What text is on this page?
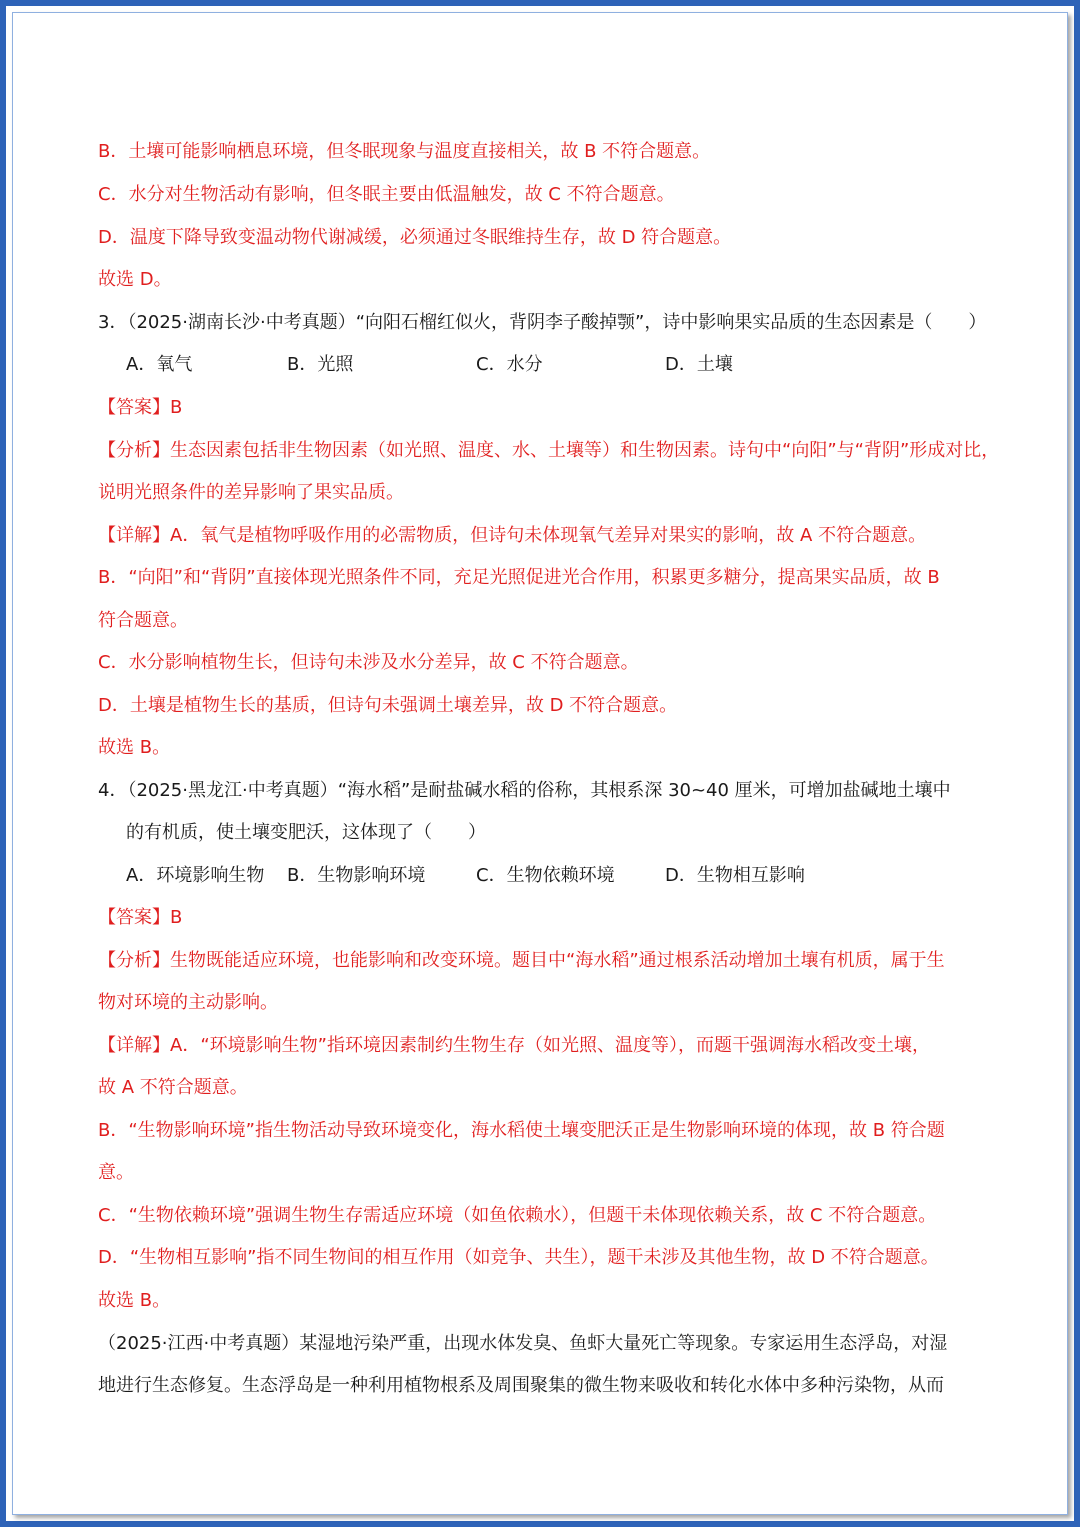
B．土壤可能影响栖息环境，但冬眠现象与温度直接相关，故 B 不符合题意。

C．水分对生物活动有影响，但冬眠主要由低温触发，故 C 不符合题意。

D．温度下降导致变温动物代谢减缓，必须通过冬眠维持生存，故 D 符合题意。

故选 D。

3．（2025·湖南长沙·中考真题）“向阳石榴红似火，背阴李子酸掉颚”，诗中影响果实品质的生态因素是（　　）

A．氧气	B．光照	C．水分	D．土壤

【答案】B

【分析】生态因素包括非生物因素（如光照、温度、水、土壤等）和生物因素。诗句中“向阳”与“背阴”形成对比，

说明光照条件的差异影响了果实品质。

【详解】A．氧气是植物呼吸作用的必需物质，但诗句未体现氧气差异对果实的影响，故 A 不符合题意。

B．“向阳”和“背阴”直接体现光照条件不同，充足光照促进光合作用，积累更多糖分，提高果实品质，故 B

符合题意。

C．水分影响植物生长，但诗句未涉及水分差异，故 C 不符合题意。

D．土壤是植物生长的基质，但诗句未强调土壤差异，故 D 不符合题意。

故选 B。

4．（2025·黑龙江·中考真题）“海水稻”是耐盐碱水稻的俗称，其根系深 30~40 厘米，可增加盐碱地土壤中

的有机质，使土壤变肥沃，这体现了（　　）

A．环境影响生物 B．生物影响环境	C．生物依赖环境	D．生物相互影响

【答案】B

【分析】生物既能适应环境，也能影响和改变环境。题目中“海水稻”通过根系活动增加土壤有机质，属于生

物对环境的主动影响。

【详解】A．“环境影响生物”指环境因素制约生物生存（如光照、温度等），而题干强调海水稻改变土壤，

故 A 不符合题意。

B．“生物影响环境”指生物活动导致环境变化，海水稻使土壤变肥沃正是生物影响环境的体现，故 B 符合题

意。

C．“生物依赖环境”强调生物生存需适应环境（如鱼依赖水），但题干未体现依赖关系，故 C 不符合题意。

D．“生物相互影响”指不同生物间的相互作用（如竞争、共生），题干未涉及其他生物，故 D 不符合题意。

故选 B。

（2025·江西·中考真题）某湿地污染严重，出现水体发臭、鱼虾大量死亡等现象。专家运用生态浮岛，对湿

地进行生态修复。生态浮岛是一种利用植物根系及周围聚集的微生物来吸收和转化水体中多种污染物，从而
